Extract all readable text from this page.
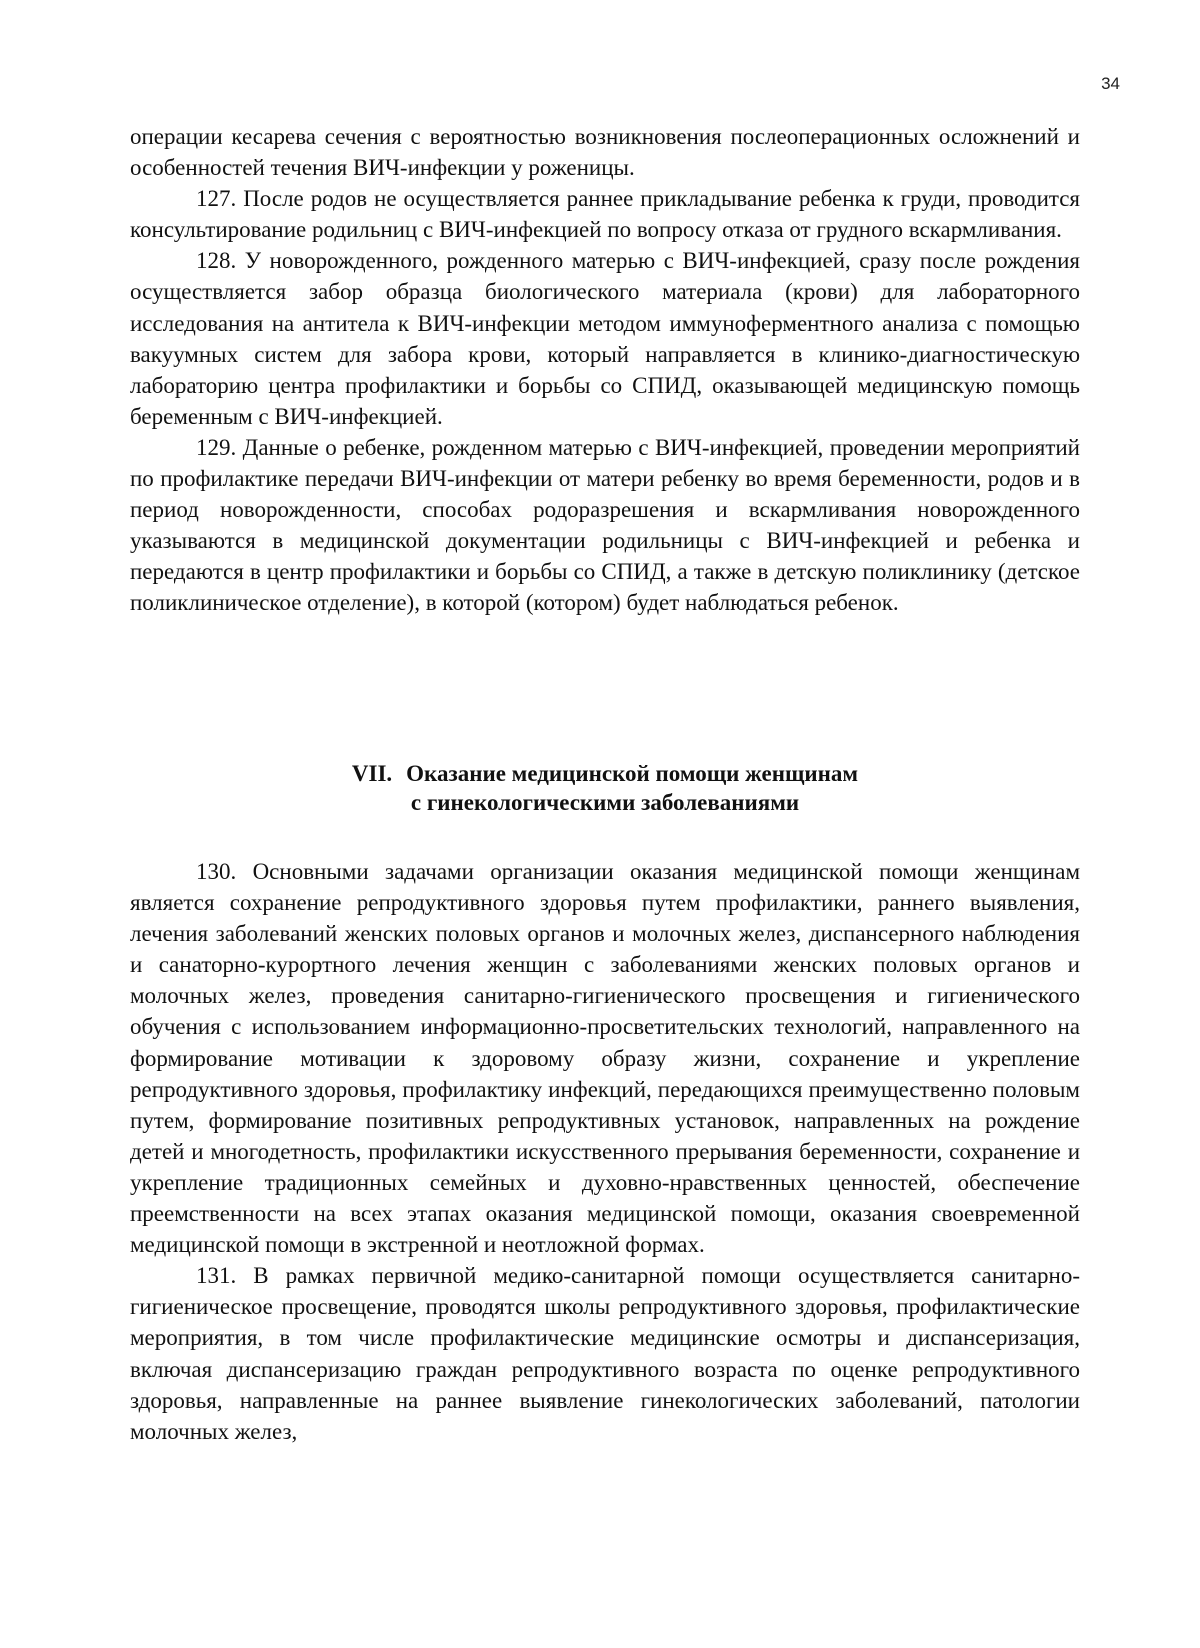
34

операции кесарева сечения с вероятностью возникновения послеоперационных осложнений и особенностей течения ВИЧ-инфекции у роженицы.

127. После родов не осуществляется раннее прикладывание ребенка к груди, проводится консультирование родильниц с ВИЧ-инфекцией по вопросу отказа от грудного вскармливания.

128. У новорожденного, рожденного матерью с ВИЧ-инфекцией, сразу после рождения осуществляется забор образца биологического материала (крови) для лабораторного исследования на антитела к ВИЧ-инфекции методом иммуноферментного анализа с помощью вакуумных систем для забора крови, который направляется в клинико-диагностическую лабораторию центра профилактики и борьбы со СПИД, оказывающей медицинскую помощь беременным с ВИЧ-инфекцией.

129. Данные о ребенке, рожденном матерью с ВИЧ-инфекцией, проведении мероприятий по профилактике передачи ВИЧ-инфекции от матери ребенку во время беременности, родов и в период новорожденности, способах родоразрешения и вскармливания новорожденного указываются в медицинской документации родильницы с ВИЧ-инфекцией и ребенка и передаются в центр профилактики и борьбы со СПИД, а также в детскую поликлинику (детское поликлиническое отделение), в которой (котором) будет наблюдаться ребенок.

VII. Оказание медицинской помощи женщинам
с гинекологическими заболеваниями

130. Основными задачами организации оказания медицинской помощи женщинам является сохранение репродуктивного здоровья путем профилактики, раннего выявления, лечения заболеваний женских половых органов и молочных желез, диспансерного наблюдения и санаторно-курортного лечения женщин с заболеваниями женских половых органов и молочных желез, проведения санитарно-гигиенического просвещения и гигиенического обучения с использованием информационно-просветительских технологий, направленного на формирование мотивации к здоровому образу жизни, сохранение и укрепление репродуктивного здоровья, профилактику инфекций, передающихся преимущественно половым путем, формирование позитивных репродуктивных установок, направленных на рождение детей и многодетность, профилактики искусственного прерывания беременности, сохранение и укрепление традиционных семейных и духовно-нравственных ценностей, обеспечение преемственности на всех этапах оказания медицинской помощи, оказания своевременной медицинской помощи в экстренной и неотложной формах.

131. В рамках первичной медико-санитарной помощи осуществляется санитарно-гигиеническое просвещение, проводятся школы репродуктивного здоровья, профилактические мероприятия, в том числе профилактические медицинские осмотры и диспансеризация, включая диспансеризацию граждан репродуктивного возраста по оценке репродуктивного здоровья, направленные на раннее выявление гинекологических заболеваний, патологии молочных желез,
